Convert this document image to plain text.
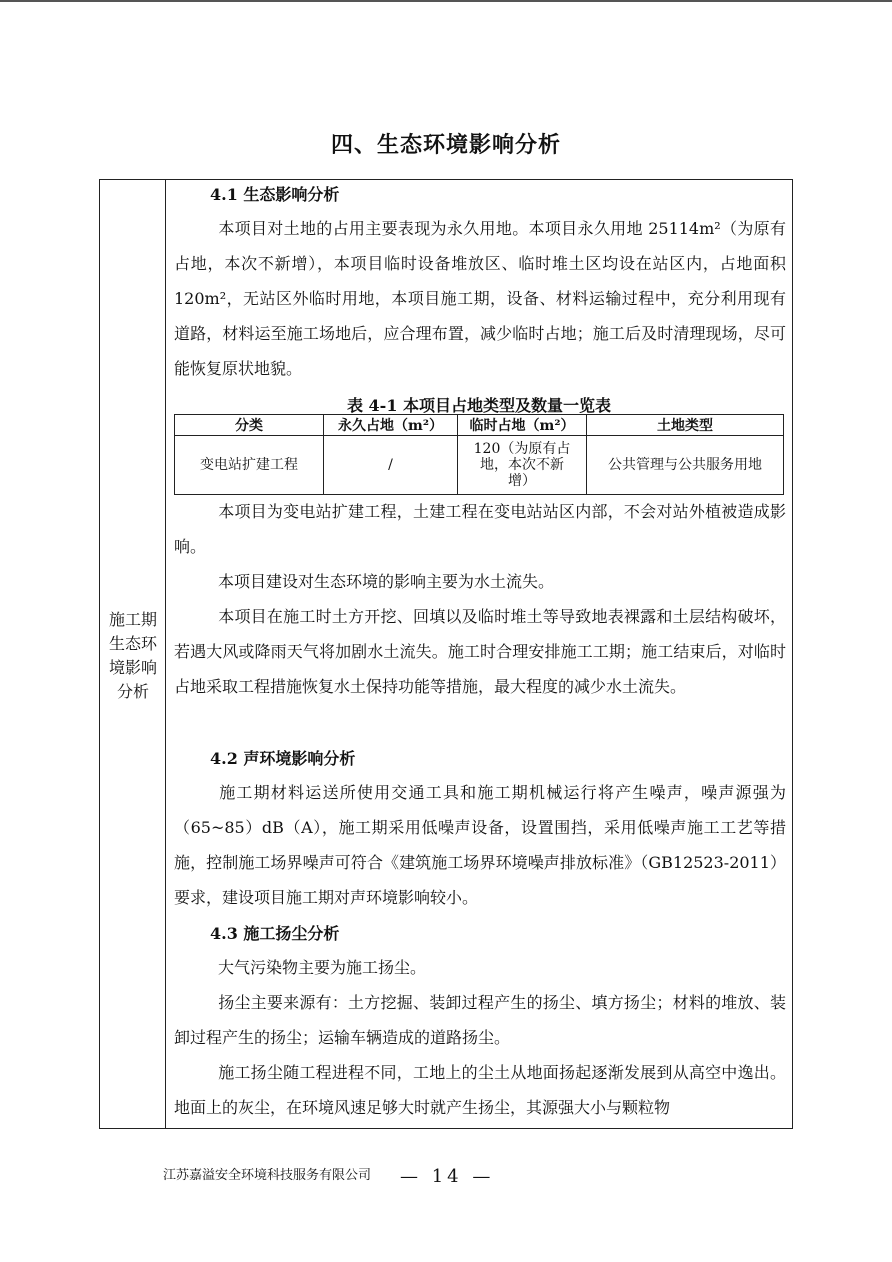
四、生态环境影响分析
施工期生态环境影响分析
4.1 生态影响分析
本项目对土地的占用主要表现为永久用地。本项目永久用地 25114m²（为原有占地，本次不新增），本项目临时设备堆放区、临时堆土区均设在站区内，占地面积 120m²，无站区外临时用地，本项目施工期，设备、材料运输过程中，充分利用现有道路，材料运至施工场地后，应合理布置，减少临时占地；施工后及时清理现场，尽可能恢复原状地貌。
表 4-1 本项目占地类型及数量一览表
分类	永久占地（m²）	临时占地（m²）	土地类型
变电站扩建工程	/	120（为原有占地，本次不新增）	公共管理与公共服务用地
本项目为变电站扩建工程，土建工程在变电站站区内部，不会对站外植被造成影响。
本项目建设对生态环境的影响主要为水土流失。
本项目在施工时土方开挖、回填以及临时堆土等导致地表裸露和土层结构破坏，若遇大风或降雨天气将加剧水土流失。施工时合理安排施工工期；施工结束后，对临时占地采取工程措施恢复水土保持功能等措施，最大程度的减少水土流失。
4.2 声环境影响分析
施工期材料运送所使用交通工具和施工期机械运行将产生噪声，噪声源强为（65~85）dB（A），施工期采用低噪声设备，设置围挡，采用低噪声施工工艺等措施，控制施工场界噪声可符合《建筑施工场界环境噪声排放标准》（GB12523-2011）要求，建设项目施工期对声环境影响较小。
4.3 施工扬尘分析
大气污染物主要为施工扬尘。
扬尘主要来源有：土方挖掘、装卸过程产生的扬尘、填方扬尘；材料的堆放、装卸过程产生的扬尘；运输车辆造成的道路扬尘。
施工扬尘随工程进程不同，工地上的尘土从地面扬起逐渐发展到从高空中逸出。地面上的灰尘，在环境风速足够大时就产生扬尘，其源强大小与颗粒物
江苏嘉溢安全环境科技服务有限公司 — 14 —
